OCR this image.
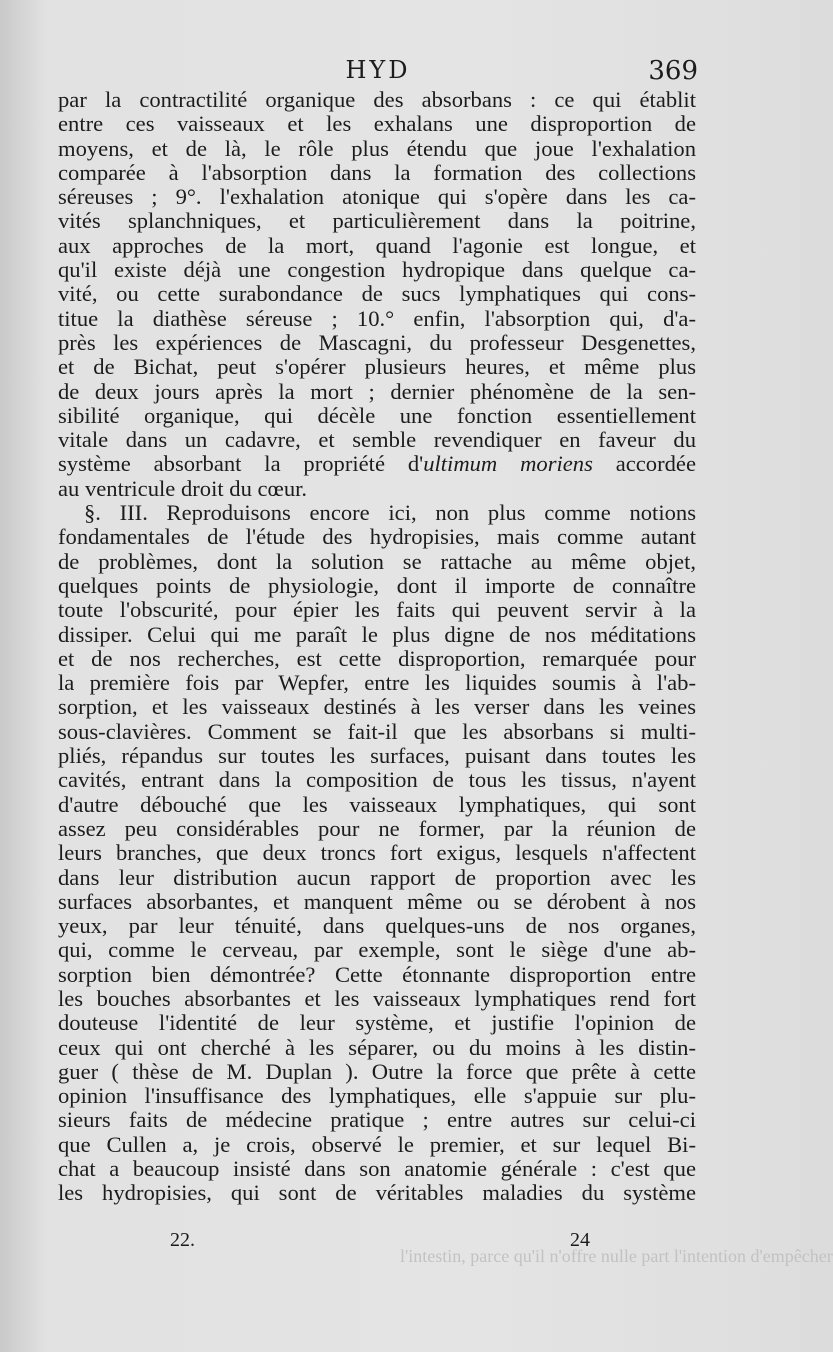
HYD	369
par la contractilité organique des absorbans : ce qui établit
entre ces vaisseaux et les exhalans une disproportion de
moyens, et de là, le rôle plus étendu que joue l'exhalation
comparée à l'absorption dans la formation des collections
séreuses ; 9°. l'exhalation atonique qui s'opère dans les ca-
vités splanchniques, et particulièrement dans la poitrine,
aux approches de la mort, quand l'agonie est longue, et
qu'il existe déjà une congestion hydropique dans quelque ca-
vité, ou cette surabondance de sucs lymphatiques qui cons-
titue la diathèse séreuse ; 10.° enfin, l'absorption qui, d'a-
près les expériences de Mascagni, du professeur Desgenettes,
et de Bichat, peut s'opérer plusieurs heures, et même plus
de deux jours après la mort ; dernier phénomène de la sen-
sibilité organique, qui décèle une fonction essentiellement
vitale dans un cadavre, et semble revendiquer en faveur du
système absorbant la propriété d'ultimum moriens accordée
au ventricule droit du cœur.
§. III. Reproduisons encore ici, non plus comme notions
fondamentales de l'étude des hydropisies, mais comme autant
de problèmes, dont la solution se rattache au même objet,
quelques points de physiologie, dont il importe de connaître
toute l'obscurité, pour épier les faits qui peuvent servir à la
dissiper. Celui qui me paraît le plus digne de nos méditations
et de nos recherches, est cette disproportion, remarquée pour
la première fois par Wepfer, entre les liquides soumis à l'ab-
sorption, et les vaisseaux destinés à les verser dans les veines
sous-clavières. Comment se fait-il que les absorbans si multi-
pliés, répandus sur toutes les surfaces, puisant dans toutes les
cavités, entrant dans la composition de tous les tissus, n'ayent
d'autre débouché que les vaisseaux lymphatiques, qui sont
assez peu considérables pour ne former, par la réunion de
leurs branches, que deux troncs fort exigus, lesquels n'affectent
dans leur distribution aucun rapport de proportion avec les
surfaces absorbantes, et manquent même ou se dérobent à nos
yeux, par leur ténuité, dans quelques-uns de nos organes,
qui, comme le cerveau, par exemple, sont le siège d'une ab-
sorption bien démontrée? Cette étonnante disproportion entre
les bouches absorbantes et les vaisseaux lymphatiques rend fort
douteuse l'identité de leur système, et justifie l'opinion de
ceux qui ont cherché à les séparer, ou du moins à les distin-
guer ( thèse de M. Duplan ). Outre la force que prête à cette
opinion l'insuffisance des lymphatiques, elle s'appuie sur plu-
sieurs faits de médecine pratique ; entre autres sur celui-ci
que Cullen a, je crois, observé le premier, et sur lequel Bi-
chat a beaucoup insisté dans son anatomie générale : c'est que
les hydropisies, qui sont de véritables maladies du système
22.	24
l'intestin, parce qu'il n'offre nulle part l'intention d'empêcher
